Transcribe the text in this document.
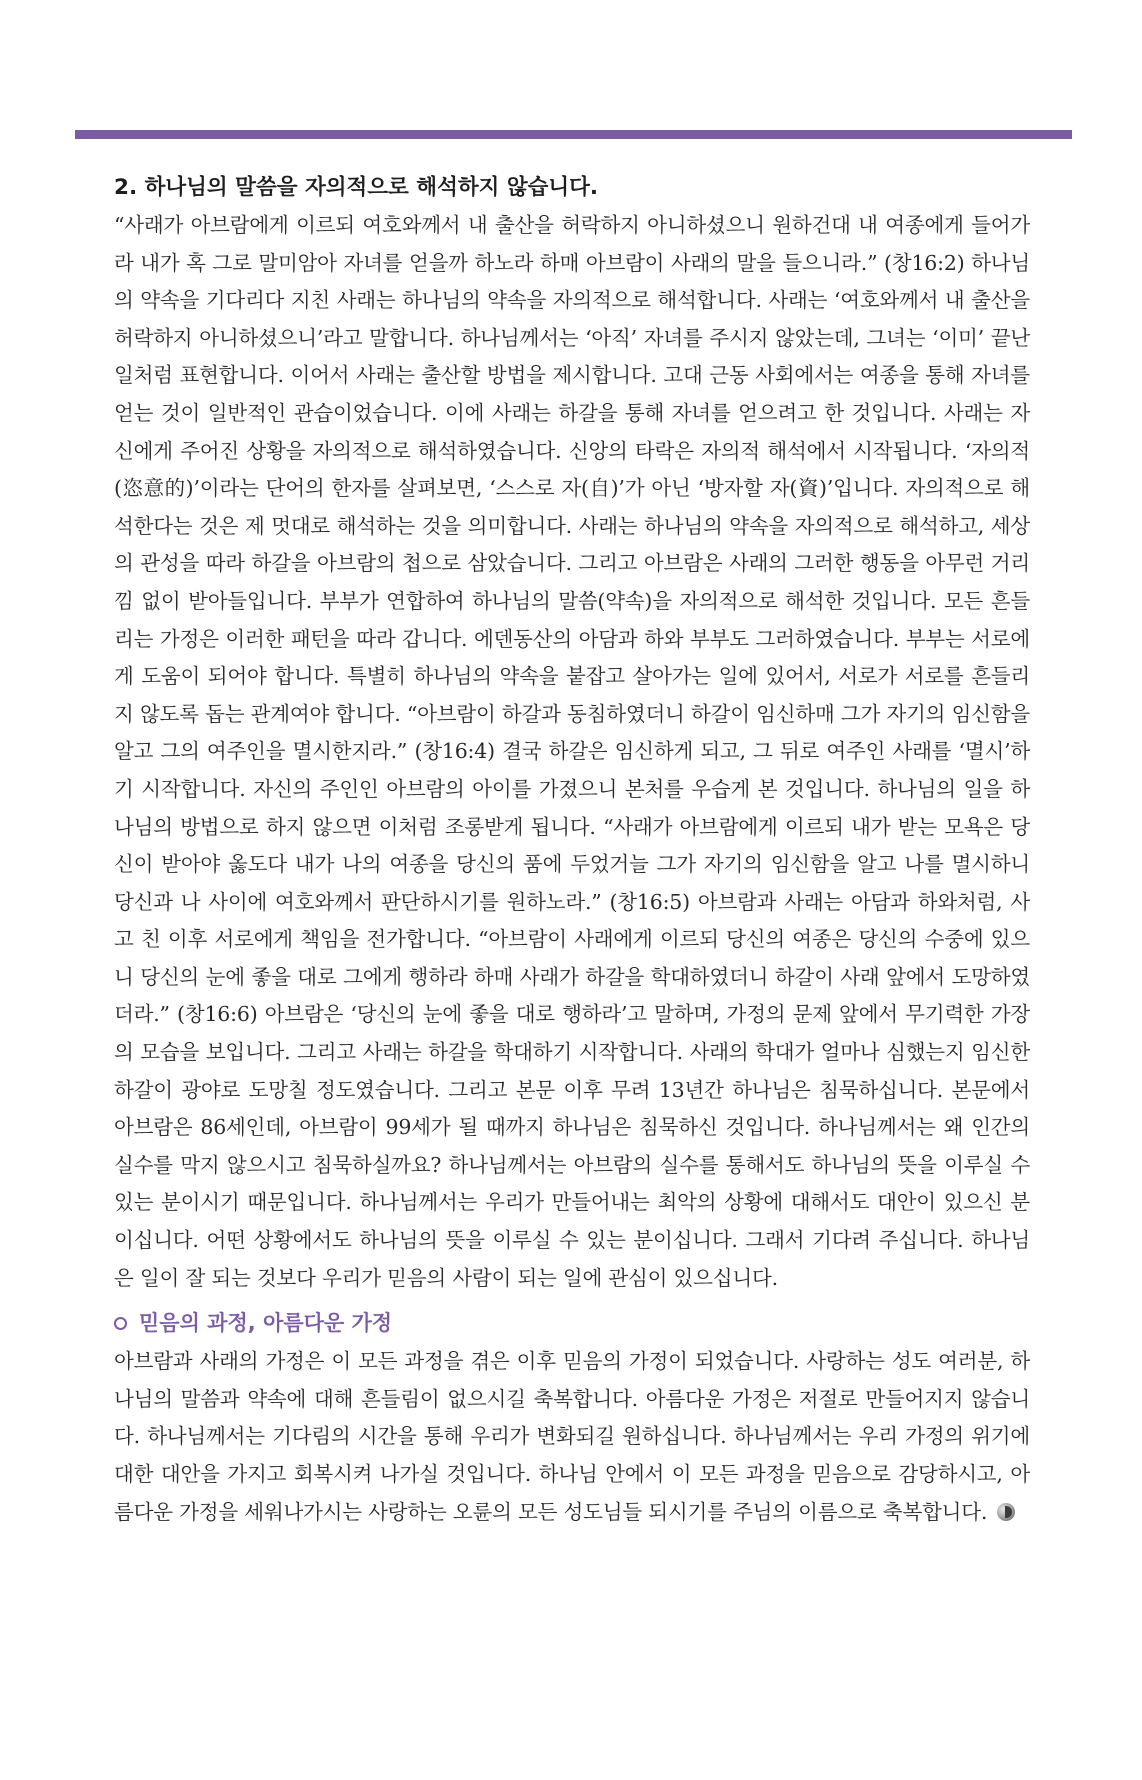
2. 하나님의 말씀을 자의적으로 해석하지 않습니다.

“사래가 아브람에게 이르되 여호와께서 내 출산을 허락하지 아니하셨으니 원하건대 내 여종에게 들어가라 내가 혹 그로 말미암아 자녀를 얻을까 하노라 하매 아브람이 사래의 말을 들으니라.” (창16:2) 하나님의 약속을 기다리다 지친 사래는 하나님의 약속을 자의적으로 해석합니다. 사래는 ‘여호와께서 내 출산을 허락하지 아니하셨으니’라고 말합니다. 하나님께서는 ‘아직’ 자녀를 주시지 않았는데, 그녀는 ‘이미’ 끝난 일처럼 표현합니다. 이어서 사래는 출산할 방법을 제시합니다. 고대 근동 사회에서는 여종을 통해 자녀를 얻는 것이 일반적인 관습이었습니다. 이에 사래는 하갈을 통해 자녀를 얻으려고 한 것입니다. 사래는 자신에게 주어진 상황을 자의적으로 해석하였습니다. 신앙의 타락은 자의적 해석에서 시작됩니다. ‘자의적(恣意的)’이라는 단어의 한자를 살펴보면, ‘스스로 자(自)’가 아닌 ‘방자할 자(資)’입니다. 자의적으로 해석한다는 것은 제 멋대로 해석하는 것을 의미합니다. 사래는 하나님의 약속을 자의적으로 해석하고, 세상의 관성을 따라 하갈을 아브람의 첩으로 삼았습니다. 그리고 아브람은 사래의 그러한 행동을 아무런 거리낌 없이 받아들입니다. 부부가 연합하여 하나님의 말씀(약속)을 자의적으로 해석한 것입니다. 모든 흔들리는 가정은 이러한 패턴을 따라 갑니다. 에덴동산의 아담과 하와 부부도 그러하였습니다. 부부는 서로에게 도움이 되어야 합니다. 특별히 하나님의 약속을 붙잡고 살아가는 일에 있어서, 서로가 서로를 흔들리지 않도록 돕는 관계여야 합니다. “아브람이 하갈과 동침하였더니 하갈이 임신하매 그가 자기의 임신함을 알고 그의 여주인을 멸시한지라.” (창16:4) 결국 하갈은 임신하게 되고, 그 뒤로 여주인 사래를 ‘멸시’하기 시작합니다. 자신의 주인인 아브람의 아이를 가졌으니 본처를 우습게 본 것입니다. 하나님의 일을 하나님의 방법으로 하지 않으면 이처럼 조롱받게 됩니다. “사래가 아브람에게 이르되 내가 받는 모욕은 당신이 받아야 옳도다 내가 나의 여종을 당신의 품에 두었거늘 그가 자기의 임신함을 알고 나를 멸시하니 당신과 나 사이에 여호와께서 판단하시기를 원하노라.” (창16:5) 아브람과 사래는 아담과 하와처럼, 사고 친 이후 서로에게 책임을 전가합니다. “아브람이 사래에게 이르되 당신의 여종은 당신의 수중에 있으니 당신의 눈에 좋을 대로 그에게 행하라 하매 사래가 하갈을 학대하였더니 하갈이 사래 앞에서 도망하였더라.” (창16:6) 아브람은 ‘당신의 눈에 좋을 대로 행하라’고 말하며, 가정의 문제 앞에서 무기력한 가장의 모습을 보입니다. 그리고 사래는 하갈을 학대하기 시작합니다. 사래의 학대가 얼마나 심했는지 임신한 하갈이 광야로 도망칠 정도였습니다. 그리고 본문 이후 무려 13년간 하나님은 침묵하십니다. 본문에서 아브람은 86세인데, 아브람이 99세가 될 때까지 하나님은 침묵하신 것입니다. 하나님께서는 왜 인간의 실수를 막지 않으시고 침묵하실까요? 하나님께서는 아브람의 실수를 통해서도 하나님의 뜻을 이루실 수 있는 분이시기 때문입니다. 하나님께서는 우리가 만들어내는 최악의 상황에 대해서도 대안이 있으신 분이십니다. 어떤 상황에서도 하나님의 뜻을 이루실 수 있는 분이십니다. 그래서 기다려 주십니다. 하나님은 일이 잘 되는 것보다 우리가 믿음의 사람이 되는 일에 관심이 있으십니다.

믿음의 과정, 아름다운 가정

아브람과 사래의 가정은 이 모든 과정을 겪은 이후 믿음의 가정이 되었습니다. 사랑하는 성도 여러분, 하나님의 말씀과 약속에 대해 흔들림이 없으시길 축복합니다. 아름다운 가정은 저절로 만들어지지 않습니다. 하나님께서는 기다림의 시간을 통해 우리가 변화되길 원하십니다. 하나님께서는 우리 가정의 위기에 대한 대안을 가지고 회복시켜 나가실 것입니다. 하나님 안에서 이 모든 과정을 믿음으로 감당하시고, 아름다운 가정을 세워나가시는 사랑하는 오륜의 모든 성도님들 되시기를 주님의 이름으로 축복합니다.
